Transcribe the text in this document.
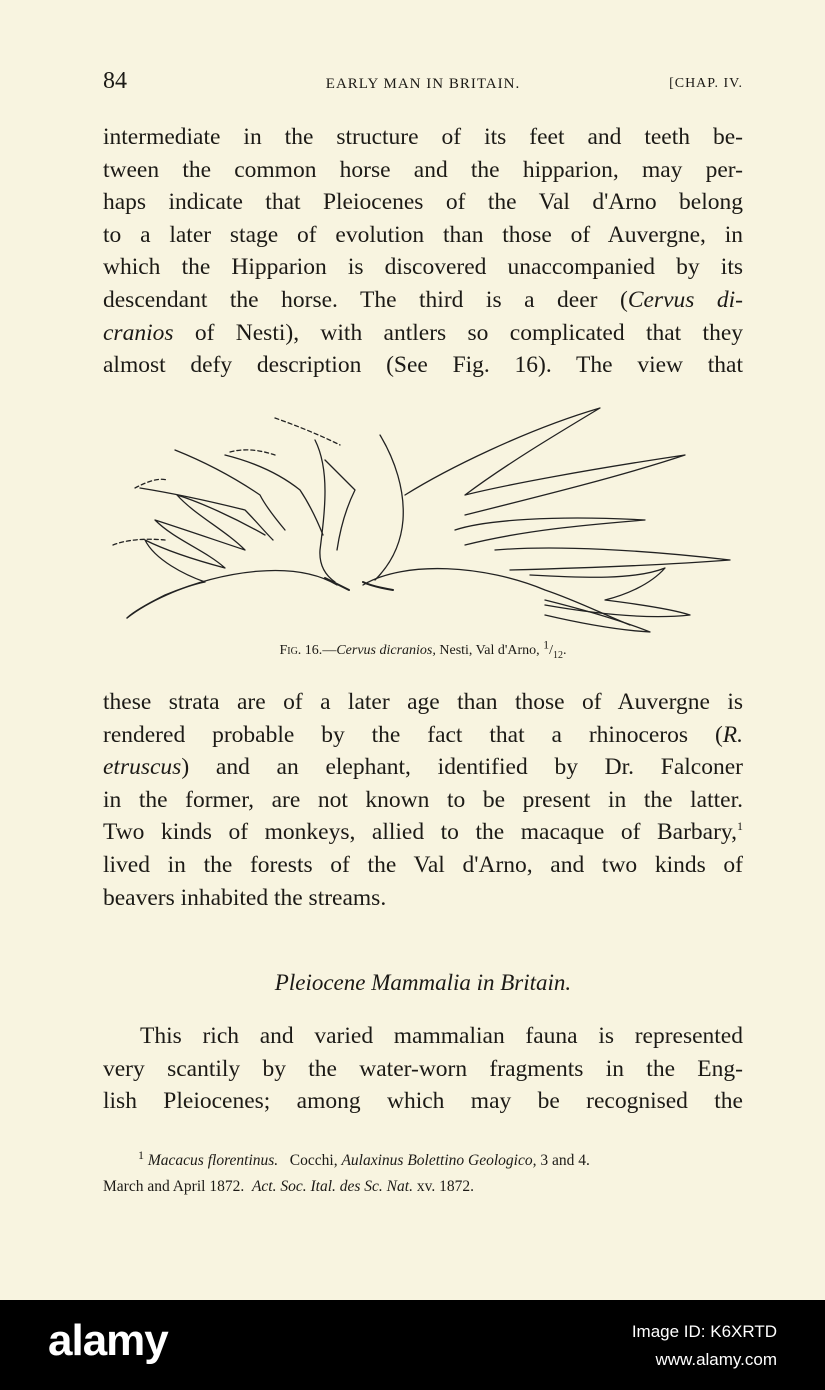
84	EARLY MAN IN BRITAIN.	[CHAP. IV.
intermediate in the structure of its feet and teeth be-
tween the common horse and the hipparion, may per-
haps indicate that Pleiocenes of the Val d'Arno belong
to a later stage of evolution than those of Auvergne, in
which the Hipparion is discovered unaccompanied by its
descendant the horse. The third is a deer (Cervus di-
cranios of Nesti), with antlers so complicated that they
almost defy description (See Fig. 16). The view that
Fig. 16.—Cervus dicranios, Nesti, Val d'Arno, $^1/_{12}$.
these strata are of a later age than those of Auvergne is
rendered probable by the fact that a rhinoceros (R.
etruscus) and an elephant, identified by Dr. Falconer
in the former, are not known to be present in the latter.
Two kinds of monkeys, allied to the macaque of Barbary,$^1$
lived in the forests of the Val d'Arno, and two kinds of
beavers inhabited the streams.
Pleiocene Mammalia in Britain.
This rich and varied mammalian fauna is represented
very scantily by the water-worn fragments in the Eng-
lish Pleiocenes; among which may be recognised the
$^1$ Macacus florentinus. Cocchi, Aulaxinus Bolettino Geologico, 3 and 4.
March and April 1872. Act. Soc. Ital. des Sc. Nat. xv. 1872.
alamy	Image ID: K6XRTD
www.alamy.com
